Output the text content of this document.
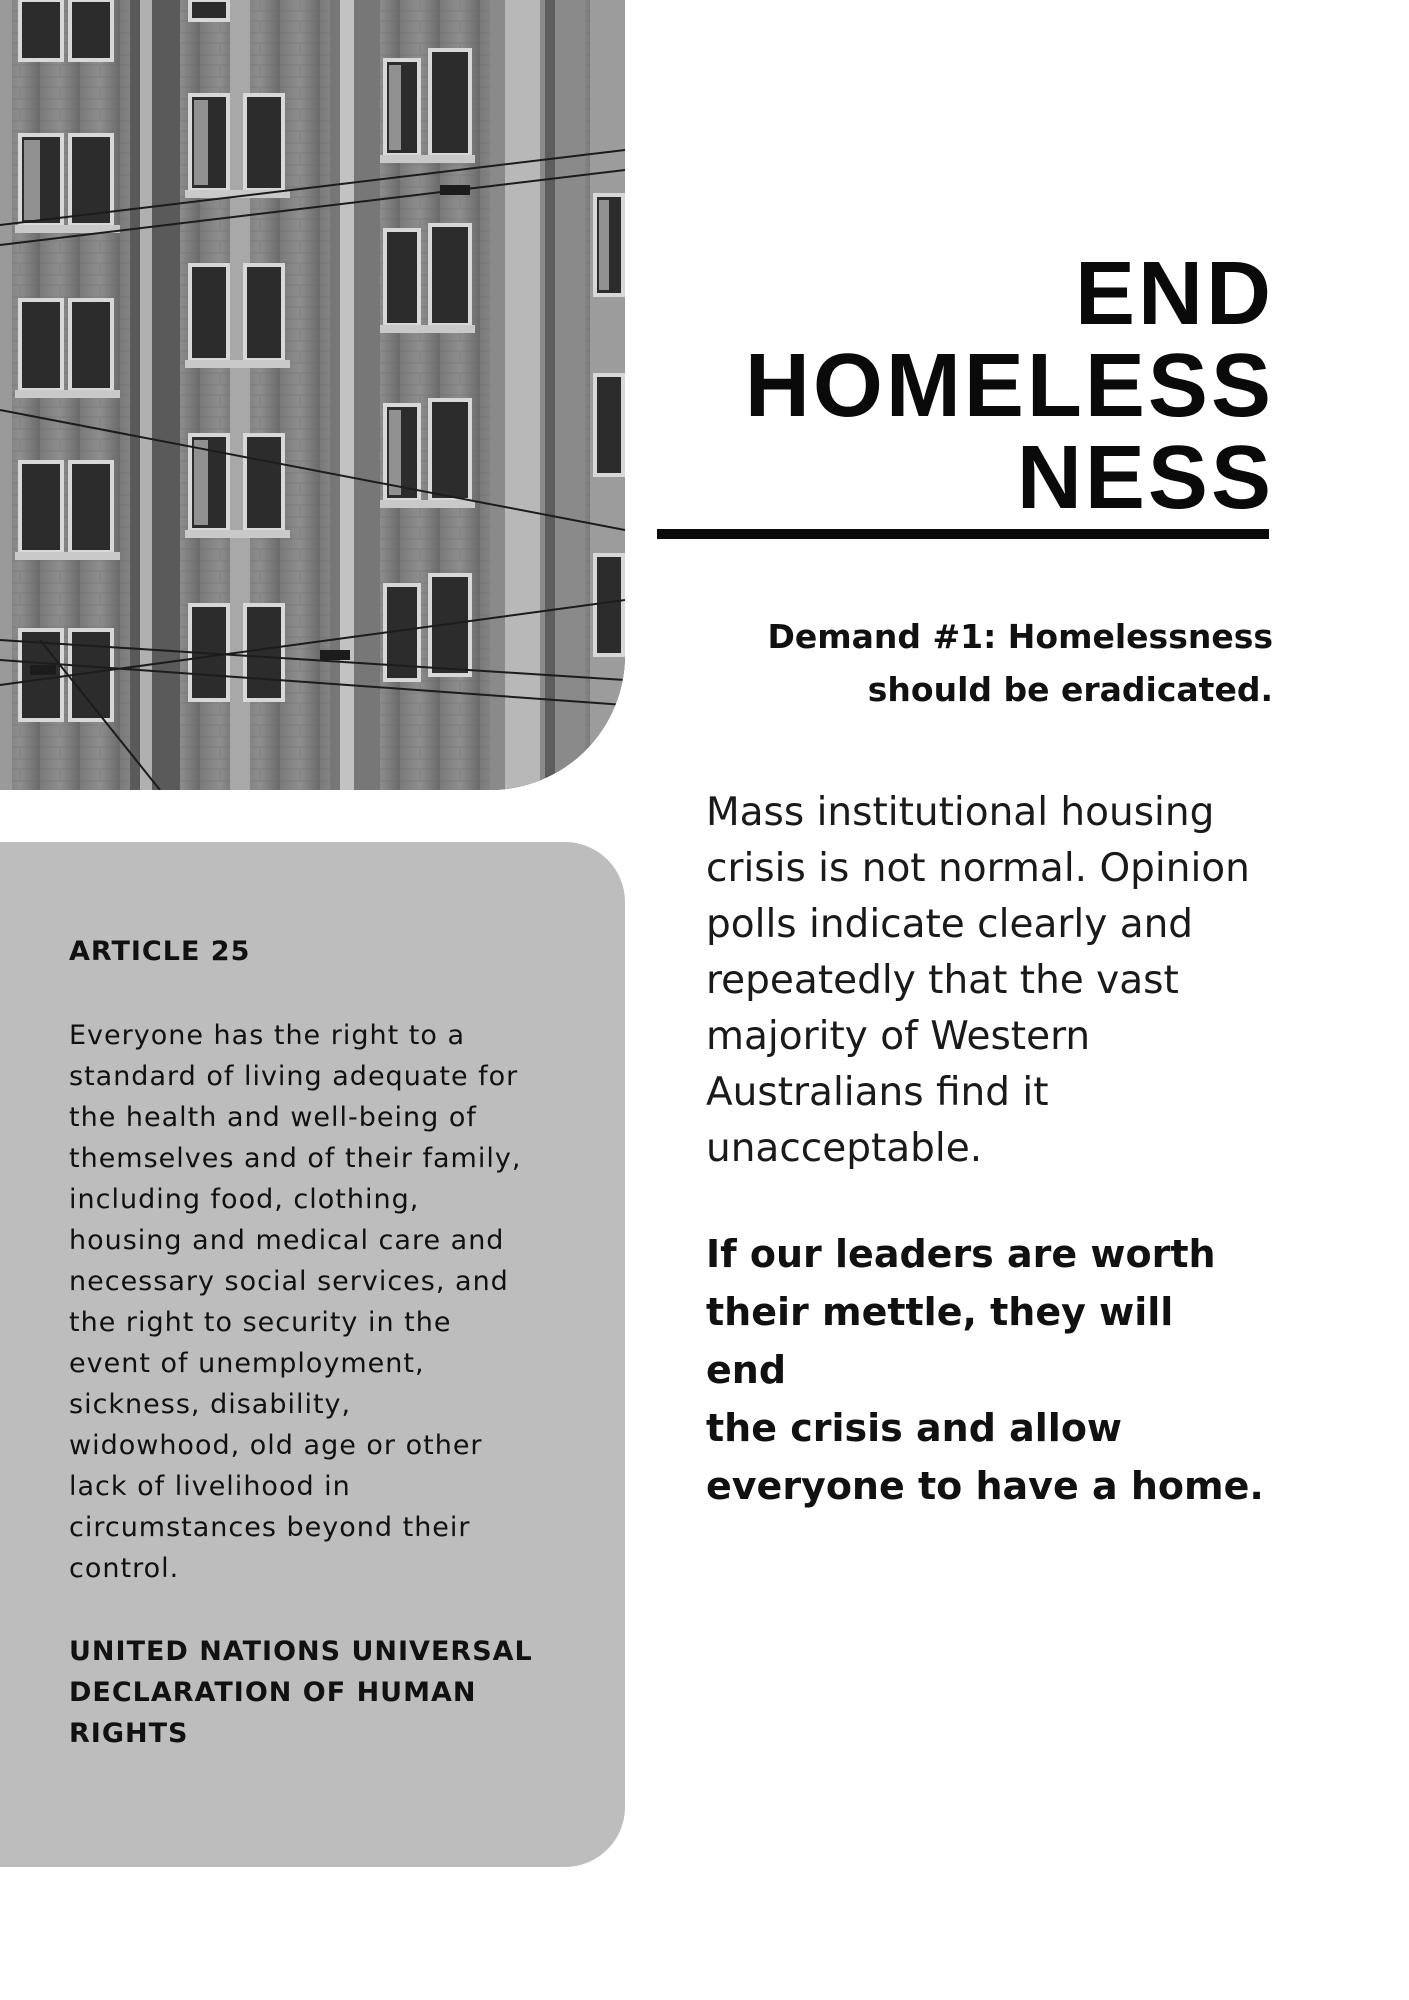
END
HOMELESS
NESS
Demand #1: Homelessness
should be eradicated.
Mass institutional housing
crisis is not normal. Opinion
polls indicate clearly and
repeatedly that the vast
majority of Western
Australians find it
unacceptable.
If our leaders are worth
their mettle, they will end
the crisis and allow
everyone to have a home.
ARTICLE 25
Everyone has the right to a
standard of living adequate for
the health and well-being of
themselves and of their family,
including food, clothing,
housing and medical care and
necessary social services, and
the right to security in the
event of unemployment,
sickness, disability,
widowhood, old age or other
lack of livelihood in
circumstances beyond their
control.
UNITED NATIONS UNIVERSAL
DECLARATION OF HUMAN
RIGHTS
